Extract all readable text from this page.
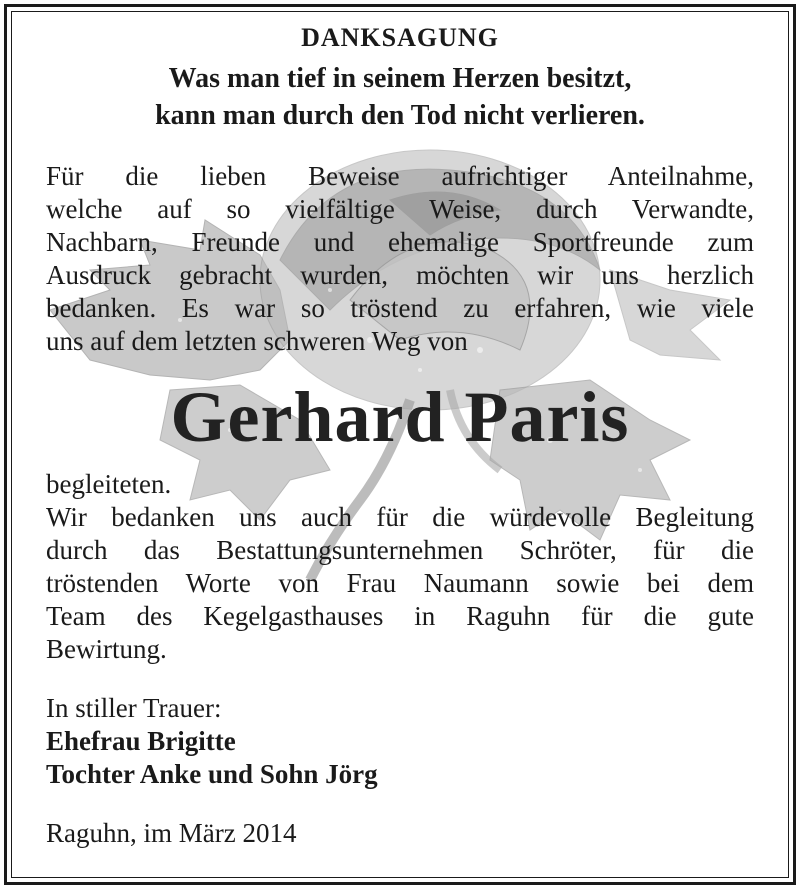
DANKSAGUNG
Was man tief in seinem Herzen besitzt,
kann man durch den Tod nicht verlieren.
Für die lieben Beweise aufrichtiger Anteilnahme,
welche auf so vielfältige Weise, durch Verwandte,
Nachbarn, Freunde und ehemalige Sportfreunde zum
Ausdruck gebracht wurden, möchten wir uns herzlich
bedanken. Es war so tröstend zu erfahren, wie viele
uns auf dem letzten schweren Weg von
Gerhard Paris
begleiteten.
Wir bedanken uns auch für die würdevolle Begleitung
durch das Bestattungsunternehmen Schröter, für die
tröstenden Worte von Frau Naumann sowie bei dem
Team des Kegelgasthauses in Raguhn für die gute
Bewirtung.
In stiller Trauer:
Ehefrau Brigitte
Tochter Anke und Sohn Jörg
Raguhn, im März 2014
